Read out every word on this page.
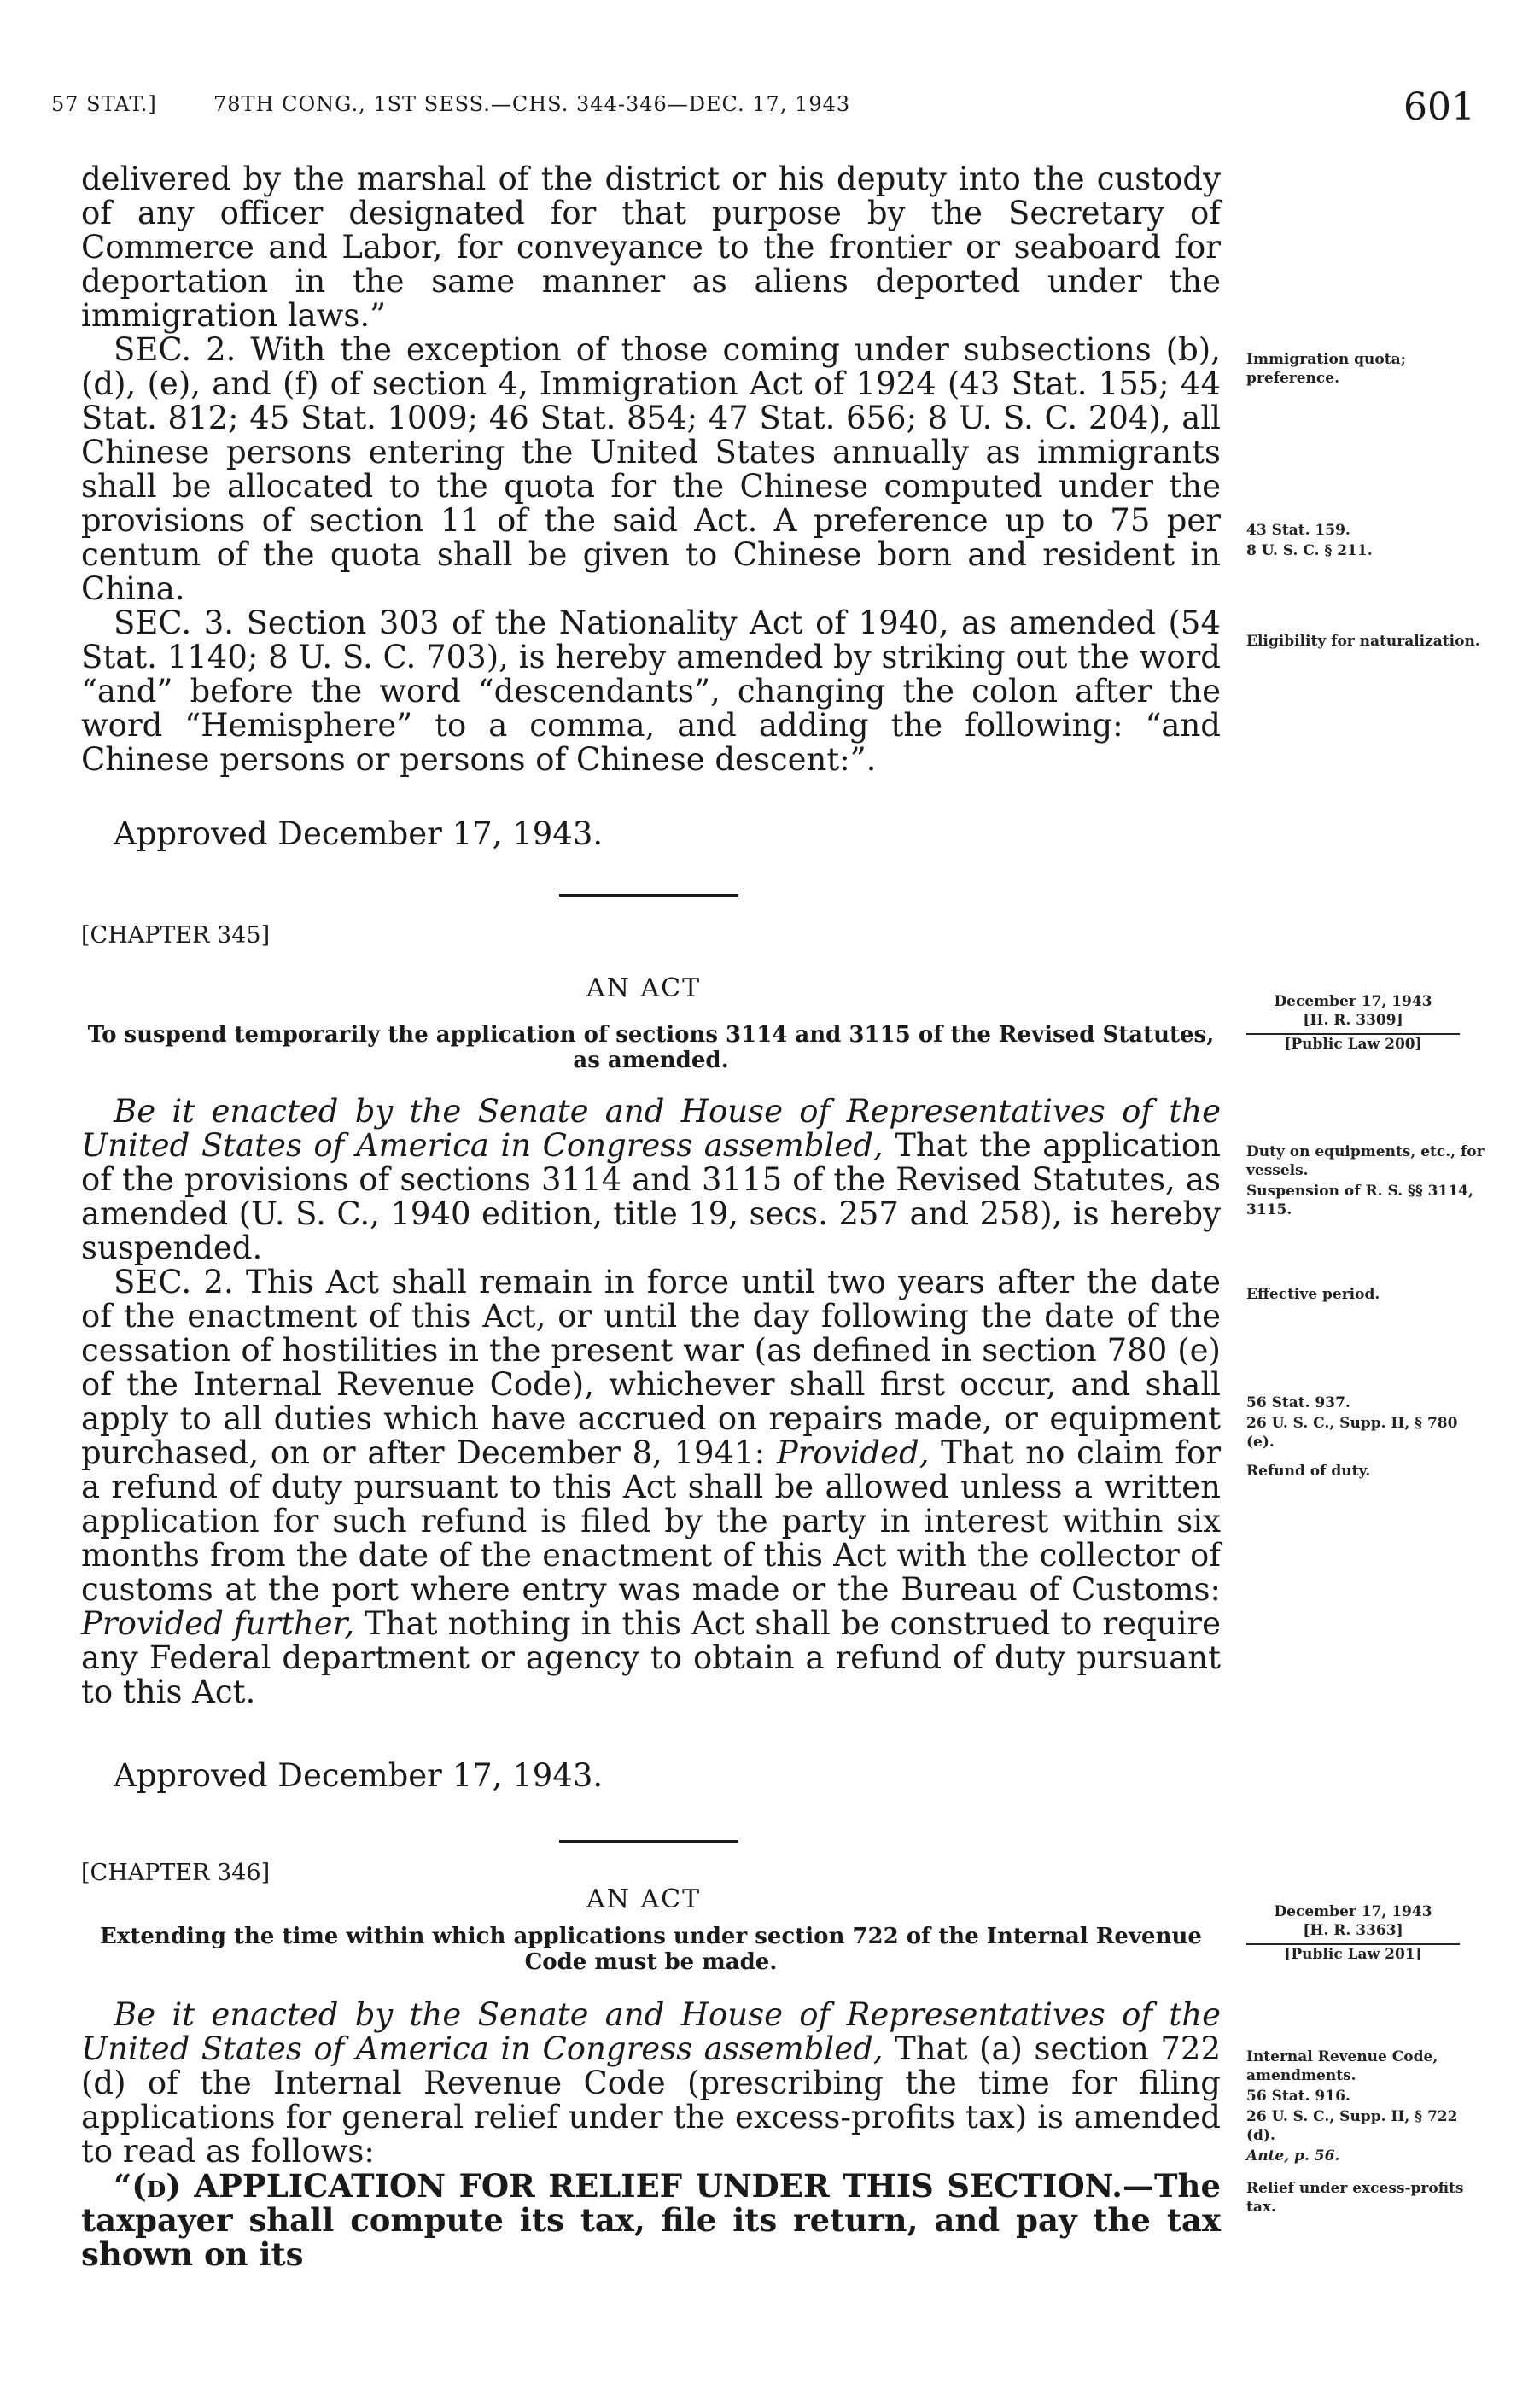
57 STAT.]	78TH CONG., 1ST SESS.—CHS. 344-346—DEC. 17, 1943	601

delivered by the marshal of the district or his deputy into the custody of any officer designated for that purpose by the Secretary of Commerce and Labor, for conveyance to the frontier or seaboard for deportation in the same manner as aliens deported under the immigration laws.”

SEC. 2. With the exception of those coming under subsections (b), (d), (e), and (f) of section 4, Immigration Act of 1924 (43 Stat. 155; 44 Stat. 812; 45 Stat. 1009; 46 Stat. 854; 47 Stat. 656; 8 U. S. C. 204), all Chinese persons entering the United States annually as immigrants shall be allocated to the quota for the Chinese computed under the provisions of section 11 of the said Act. A preference up to 75 per centum of the quota shall be given to Chinese born and resident in China.

SEC. 3. Section 303 of the Nationality Act of 1940, as amended (54 Stat. 1140; 8 U. S. C. 703), is hereby amended by striking out the word “and” before the word “descendants”, changing the colon after the word “Hemisphere” to a comma, and adding the following: “and Chinese persons or persons of Chinese descent:”.

Approved December 17, 1943.
Immigration quota; preference.
43 Stat. 159.
8 U. S. C. § 211.
Eligibility for naturalization.
[CHAPTER 345]
AN ACT
To suspend temporarily the application of sections 3114 and 3115 of the Revised Statutes, as amended.
December 17, 1943
[H. R. 3309]
[Public Law 200]

Be it enacted by the Senate and House of Representatives of the United States of America in Congress assembled, That the application of the provisions of sections 3114 and 3115 of the Revised Statutes, as amended (U. S. C., 1940 edition, title 19, secs. 257 and 258), is hereby suspended.

SEC. 2. This Act shall remain in force until two years after the date of the enactment of this Act, or until the day following the date of the cessation of hostilities in the present war (as defined in section 780 (e) of the Internal Revenue Code), whichever shall first occur, and shall apply to all duties which have accrued on repairs made, or equipment purchased, on or after December 8, 1941: Provided, That no claim for a refund of duty pursuant to this Act shall be allowed unless a written application for such refund is filed by the party in interest within six months from the date of the enactment of this Act with the collector of customs at the port where entry was made or the Bureau of Customs: Provided further, That nothing in this Act shall be construed to require any Federal department or agency to obtain a refund of duty pursuant to this Act.

Approved December 17, 1943.
Duty on equipments, etc., for vessels.
Suspension of R. S. §§ 3114, 3115.
Effective period.
56 Stat. 937.
26 U. S. C., Supp. II, § 780 (e).
Refund of duty.
[CHAPTER 346]
AN ACT
Extending the time within which applications under section 722 of the Internal Revenue Code must be made.
December 17, 1943
[H. R. 3363]
[Public Law 201]

Be it enacted by the Senate and House of Representatives of the United States of America in Congress assembled, That (a) section 722 (d) of the Internal Revenue Code (prescribing the time for filing applications for general relief under the excess-profits tax) is amended to read as follows:

“(d) APPLICATION FOR RELIEF UNDER THIS SECTION.—The taxpayer shall compute its tax, file its return, and pay the tax shown on its

Internal Revenue Code, amendments.
56 Stat. 916.
26 U. S. C., Supp. II, § 722 (d).
Ante, p. 56.
Relief under excess-profits tax.
